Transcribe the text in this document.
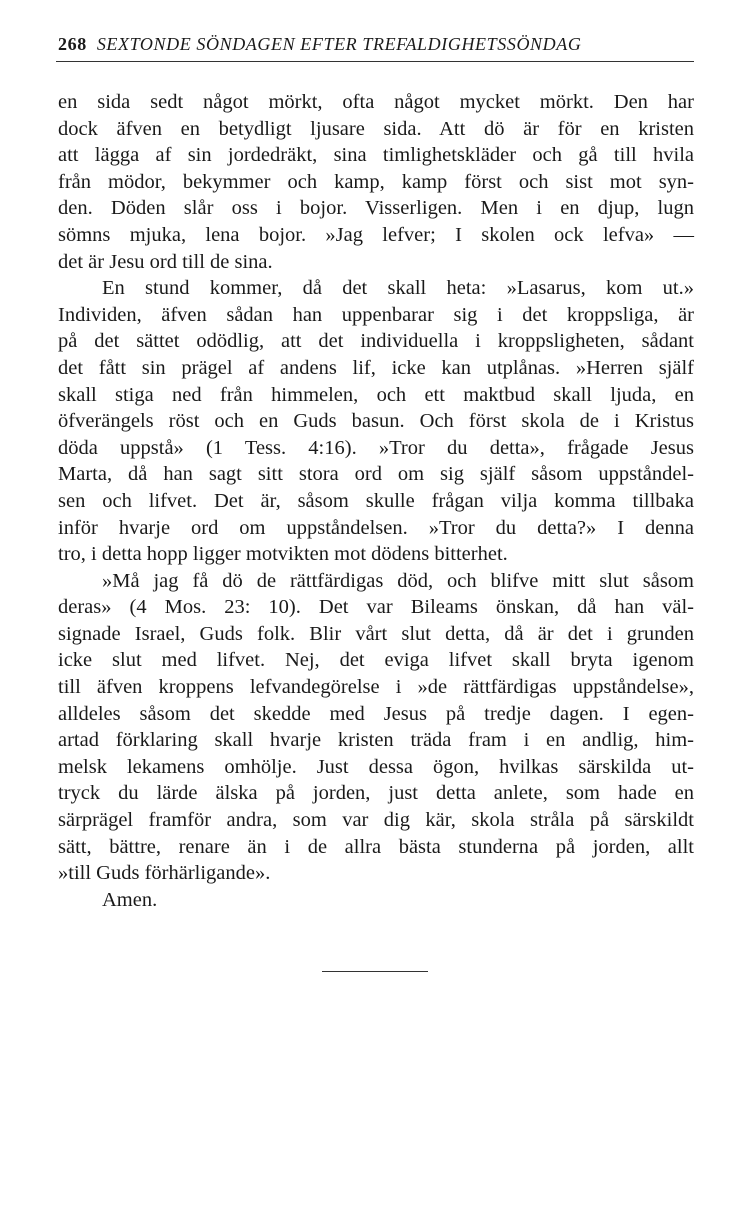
268 SEXTONDE SÖNDAGEN EFTER TREFALDIGHETSSÖNDAG

en sida sedt något mörkt, ofta något mycket mörkt. Den har

dock äfven en betydligt ljusare sida. Att dö är för en kristen

att lägga af sin jordedräkt, sina timlighetskläder och gå till hvila

från mödor, bekymmer och kamp, kamp först och sist mot syn-

den. Döden slår oss i bojor. Visserligen. Men i en djup, lugn

sömns mjuka, lena bojor. »Jag lefver; I skolen ock lefva» —

det är Jesu ord till de sina.

En stund kommer, då det skall heta: »Lasarus, kom ut.»

Individen, äfven sådan han uppenbarar sig i det kroppsliga, är

på det sättet odödlig, att det individuella i kroppsligheten, sådant

det fått sin prägel af andens lif, icke kan utplånas. »Herren själf

skall stiga ned från himmelen, och ett maktbud skall ljuda, en

öfverängels röst och en Guds basun. Och först skola de i Kristus

döda uppstå» (1 Tess. 4:16). »Tror du detta», frågade Jesus

Marta, då han sagt sitt stora ord om sig själf såsom uppståndel-

sen och lifvet. Det är, såsom skulle frågan vilja komma tillbaka

inför hvarje ord om uppståndelsen. »Tror du detta?» I denna

tro, i detta hopp ligger motvikten mot dödens bitterhet.

»Må jag få dö de rättfärdigas död, och blifve mitt slut såsom

deras» (4 Mos. 23: 10). Det var Bileams önskan, då han väl-

signade Israel, Guds folk. Blir vårt slut detta, då är det i grunden

icke slut med lifvet. Nej, det eviga lifvet skall bryta igenom

till äfven kroppens lefvandegörelse i »de rättfärdigas uppståndelse»,

alldeles såsom det skedde med Jesus på tredje dagen. I egen-

artad förklaring skall hvarje kristen träda fram i en andlig, him-

melsk lekamens omhölje. Just dessa ögon, hvilkas särskilda ut-

tryck du lärde älska på jorden, just detta anlete, som hade en

särprägel framför andra, som var dig kär, skola stråla på särskildt

sätt, bättre, renare än i de allra bästa stunderna på jorden, allt

»till Guds förhärligande».

Amen.
